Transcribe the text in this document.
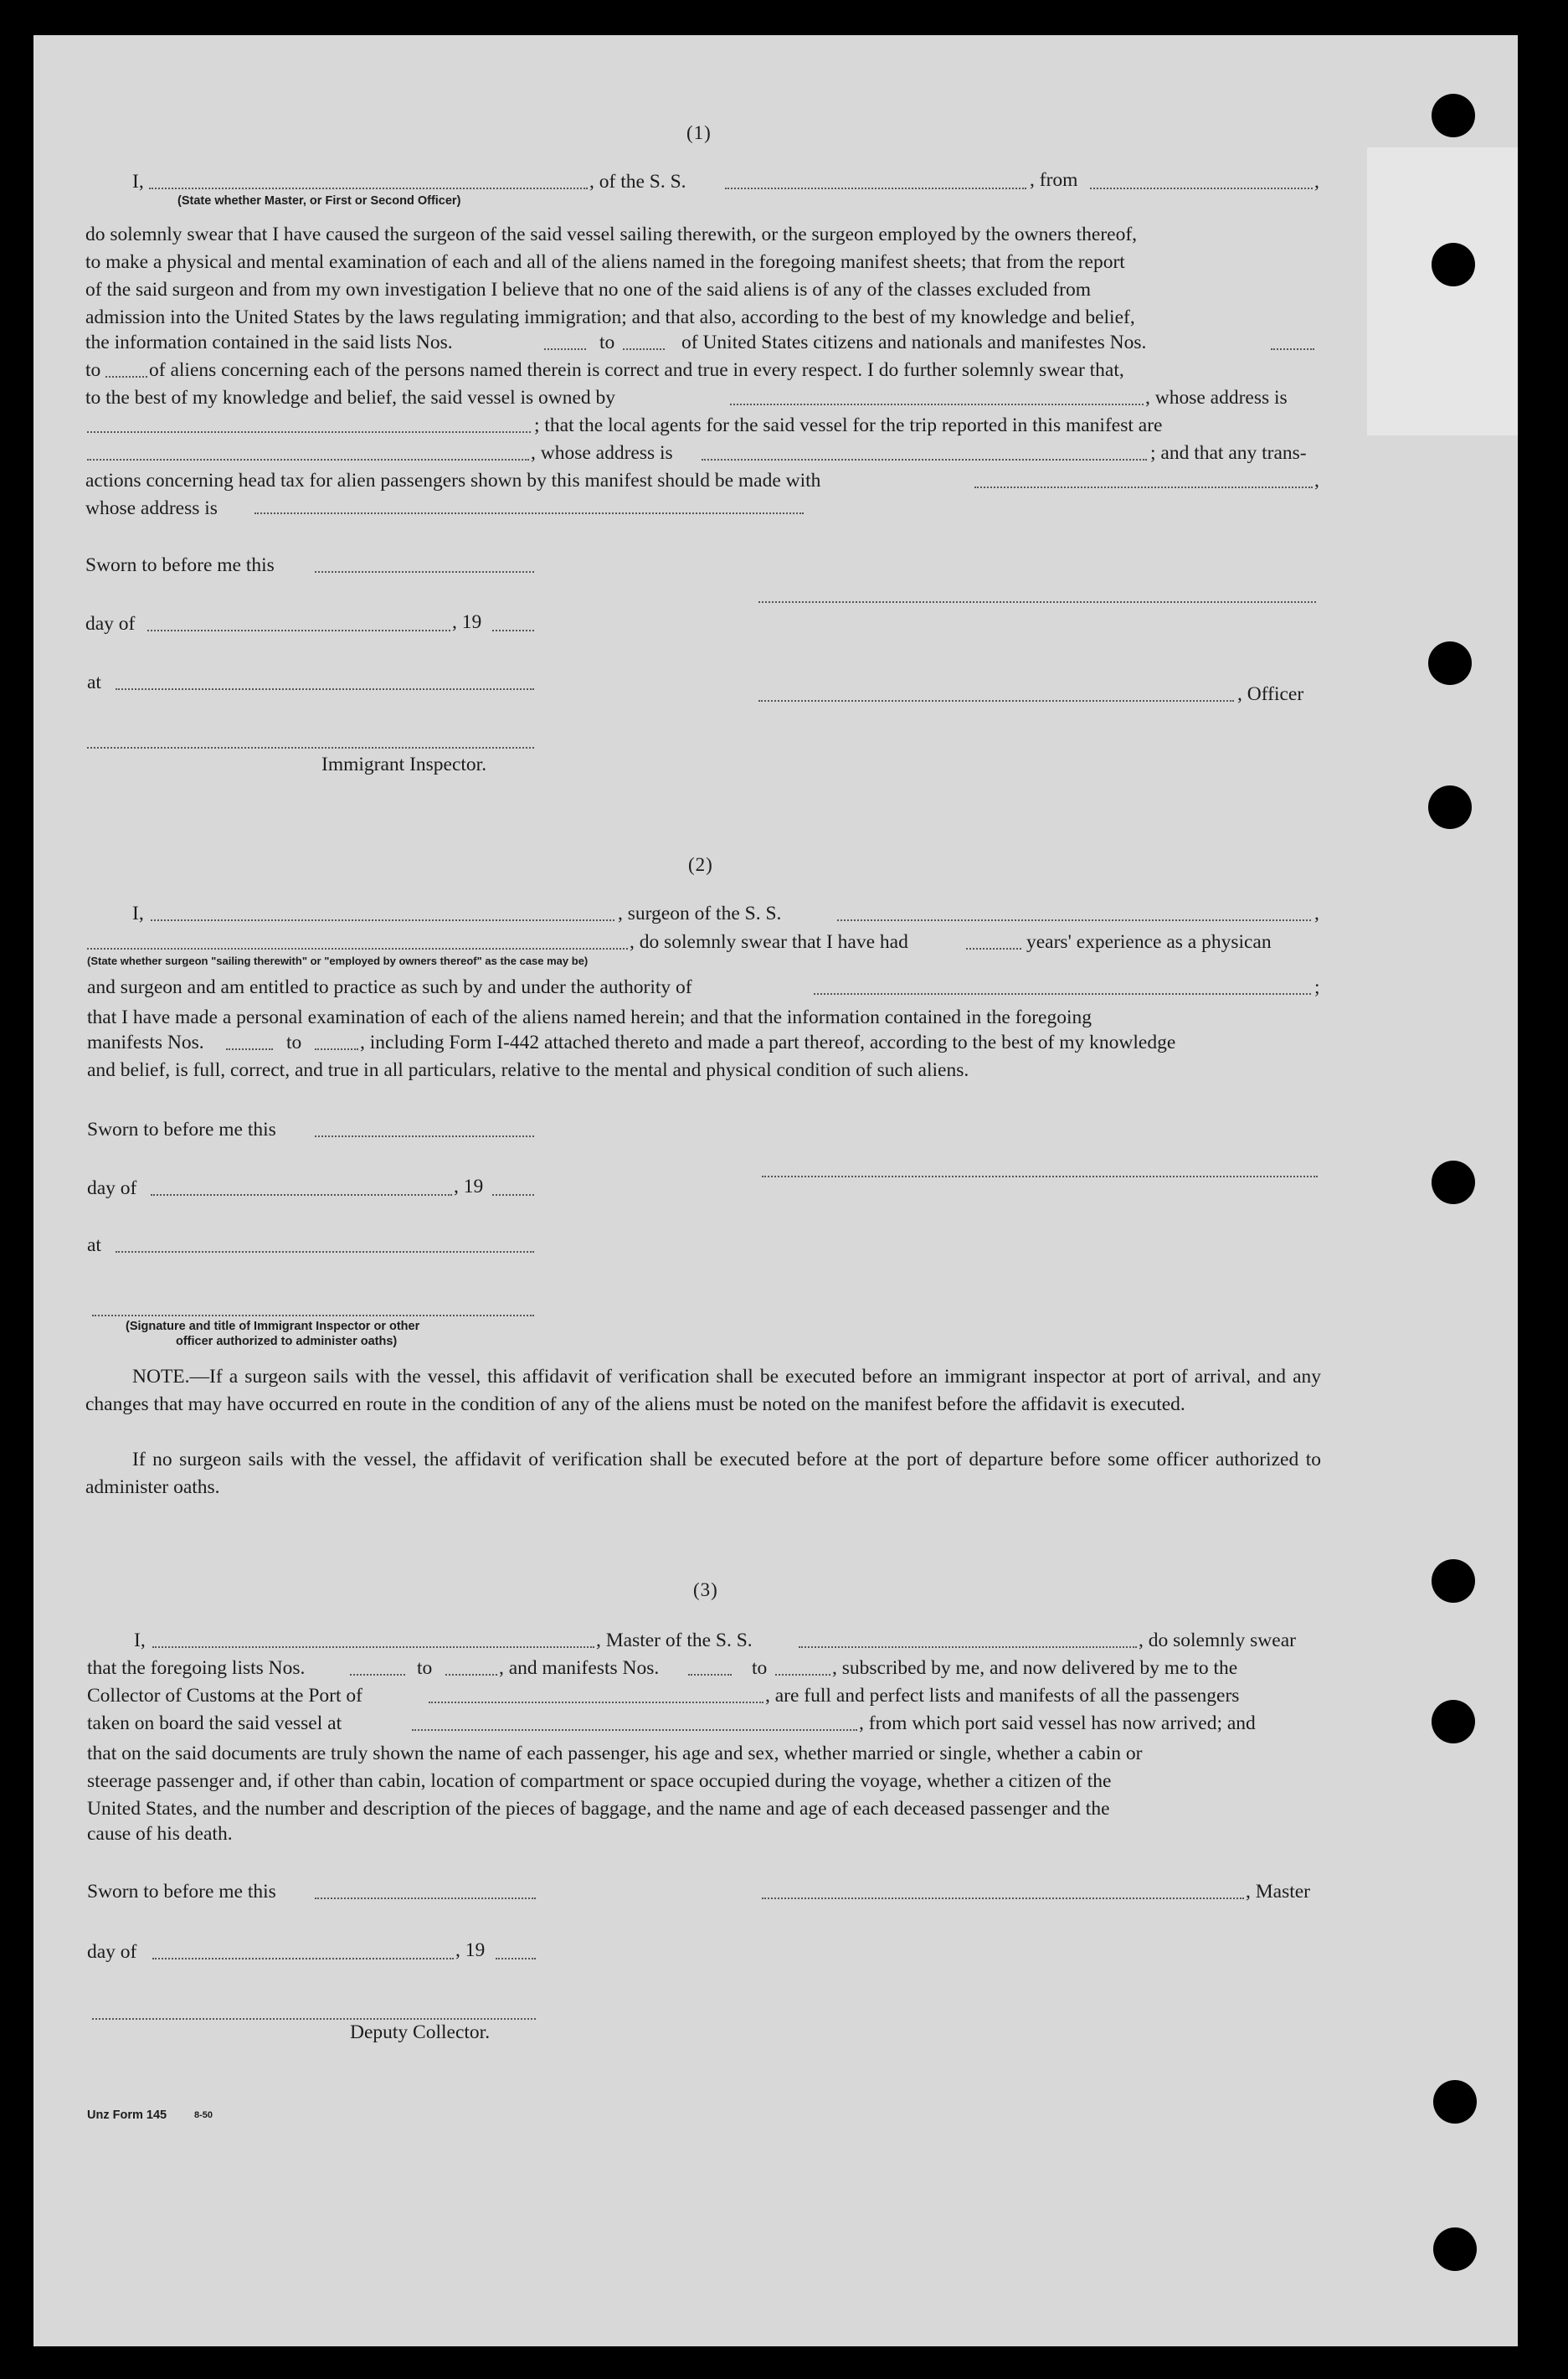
(1)
I,	, of the S. S.	, from	,
(State whether Master, or First or Second Officer)

do solemnly swear that I have caused the surgeon of the said vessel sailing therewith, or the surgeon employed by the owners thereof,

to make a physical and mental examination of each and all of the aliens named in the foregoing manifest sheets; that from the report

of the said surgeon and from my own investigation I believe that no one of the said aliens is of any of the classes excluded from

admission into the United States by the laws regulating immigration; and that also, according to the best of my knowledge and belief,

the information contained in the said lists Nos.	to	of United States citizens and nationals and manifestes Nos.
to of aliens concerning each of the persons named therein is correct and true in every respect. I do further solemnly swear that,
to the best of my knowledge and belief, the said vessel is owned by	, whose address is
; that the local agents for the said vessel for the trip reported in this manifest are
, whose address is	; and that any trans-
actions concerning head tax for alien passengers shown by this manifest should be made with	,
whose address is
Sworn to before me this
day of	, 19
at
, Officer
Immigrant Inspector.
(2)
I,	, surgeon of the S. S.	,
, do solemnly swear that I have had	years' experience as a physican
(State whether surgeon "sailing therewith" or "employed by owners thereof" as the case may be)
and surgeon and am entitled to practice as such by and under the authority of	;

that I have made a personal examination of each of the aliens named herein; and that the information contained in the foregoing

manifests Nos.	to	, including Form I-442 attached thereto and made a part thereof, according to the best of my knowledge
and belief, is full, correct, and true in all particulars, relative to the mental and physical condition of such aliens.
Sworn to before me this
day of	, 19
at
(Signature and title of Immigrant Inspector or other
officer authorized to administer oaths)
NOTE.—If a surgeon sails with the vessel, this affidavit of verification shall be executed before an immigrant inspector at port of arrival, and any changes that may have occurred en route in the condition of any of the aliens must be noted on the manifest before the affidavit is executed.
If no surgeon sails with the vessel, the affidavit of verification shall be executed before at the port of departure before some officer authorized to administer oaths.
(3)
I,	, Master of the S. S.	, do solemnly swear
that the foregoing lists Nos.	to	, and manifests Nos.	to	, subscribed by me, and now delivered by me to the
Collector of Customs at the Port of	, are full and perfect lists and manifests of all the passengers
taken on board the said vessel at	, from which port said vessel has now arrived; and

that on the said documents are truly shown the name of each passenger, his age and sex, whether married or single, whether a cabin or

steerage passenger and, if other than cabin, location of compartment or space occupied during the voyage, whether a citizen of the

United States, and the number and description of the pieces of baggage, and the name and age of each deceased passenger and the

cause of his death.
Sworn to before me this	, Master
day of	, 19
Deputy Collector.
Unz Form 145	8-50
